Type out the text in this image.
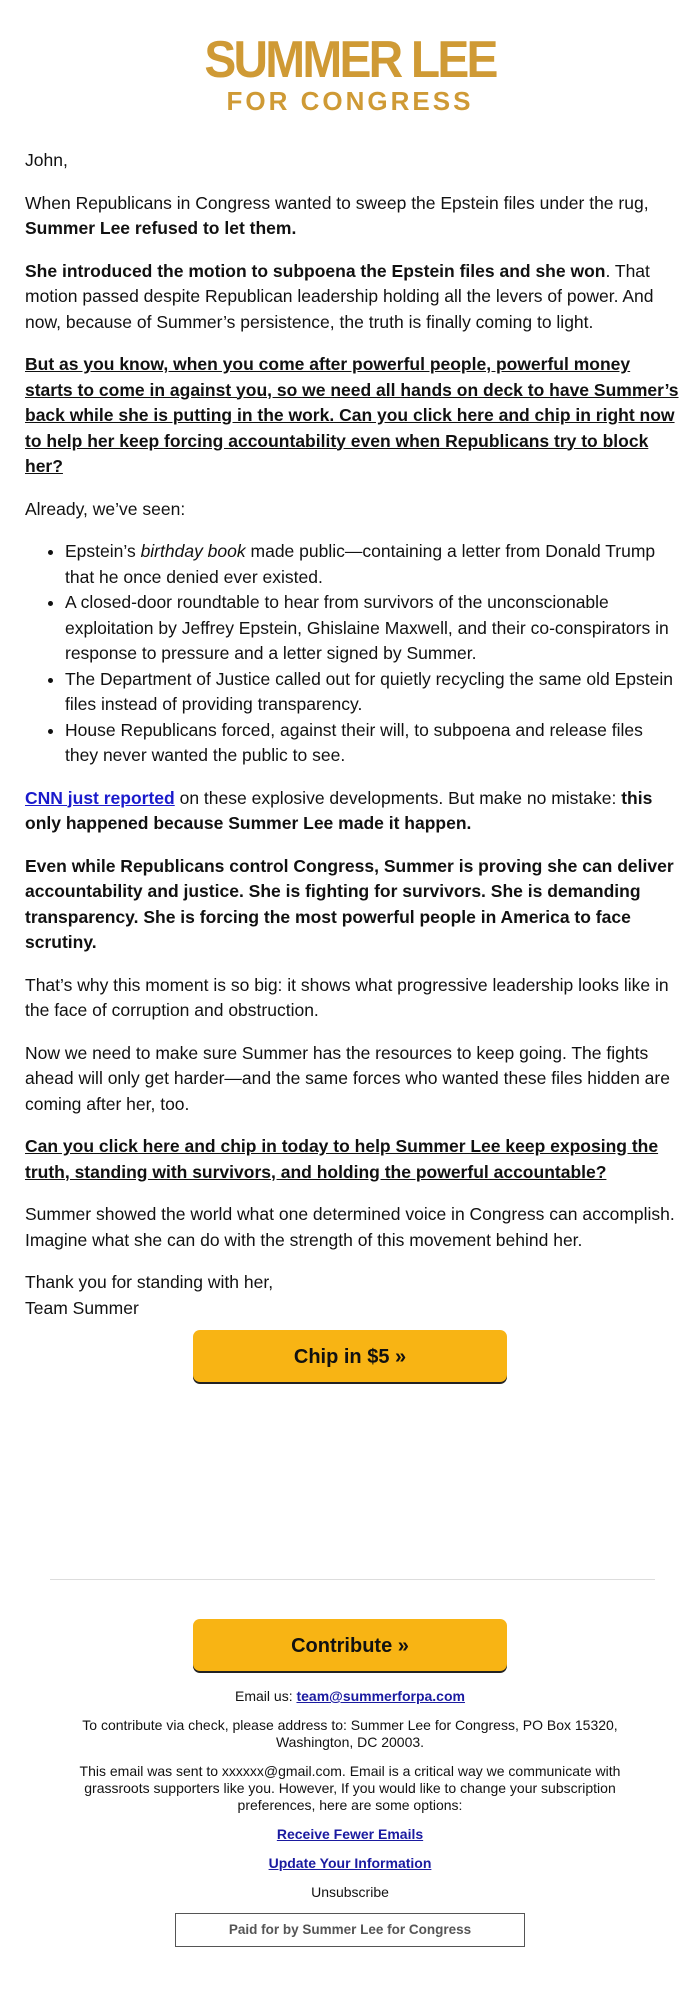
SUMMER LEE
FOR CONGRESS

John,

When Republicans in Congress wanted to sweep the Epstein files under the rug, Summer Lee refused to let them.

She introduced the motion to subpoena the Epstein files and she won. That motion passed despite Republican leadership holding all the levers of power. And now, because of Summer’s persistence, the truth is finally coming to light.

But as you know, when you come after powerful people, powerful money starts to come in against you, so we need all hands on deck to have Summer’s back while she is putting in the work. Can you click here and chip in right now to help her keep forcing accountability even when Republicans try to block her?

Already, we’ve seen:

• Epstein’s birthday book made public—containing a letter from Donald Trump that he once denied ever existed.
• A closed-door roundtable to hear from survivors of the unconscionable exploitation by Jeffrey Epstein, Ghislaine Maxwell, and their co-conspirators in response to pressure and a letter signed by Summer.
• The Department of Justice called out for quietly recycling the same old Epstein files instead of providing transparency.
• House Republicans forced, against their will, to subpoena and release files they never wanted the public to see.

CNN just reported on these explosive developments. But make no mistake: this only happened because Summer Lee made it happen.

Even while Republicans control Congress, Summer is proving she can deliver accountability and justice. She is fighting for survivors. She is demanding transparency. She is forcing the most powerful people in America to face scrutiny.

That’s why this moment is so big: it shows what progressive leadership looks like in the face of corruption and obstruction.

Now we need to make sure Summer has the resources to keep going. The fights ahead will only get harder—and the same forces who wanted these files hidden are coming after her, too.

Can you click here and chip in today to help Summer Lee keep exposing the truth, standing with survivors, and holding the powerful accountable?

Summer showed the world what one determined voice in Congress can accomplish. Imagine what she can do with the strength of this movement behind her.

Thank you for standing with her,
Team Summer

Chip in $5 »
Contribute »

Email us: team@summerforpa.com

To contribute via check, please address to: Summer Lee for Congress, PO Box 15320, Washington, DC 20003.

This email was sent to xxxxxx@gmail.com. Email is a critical way we communicate with grassroots supporters like you. However, If you would like to change your subscription preferences, here are some options:

Receive Fewer Emails

Update Your Information

Unsubscribe

Paid for by Summer Lee for Congress
